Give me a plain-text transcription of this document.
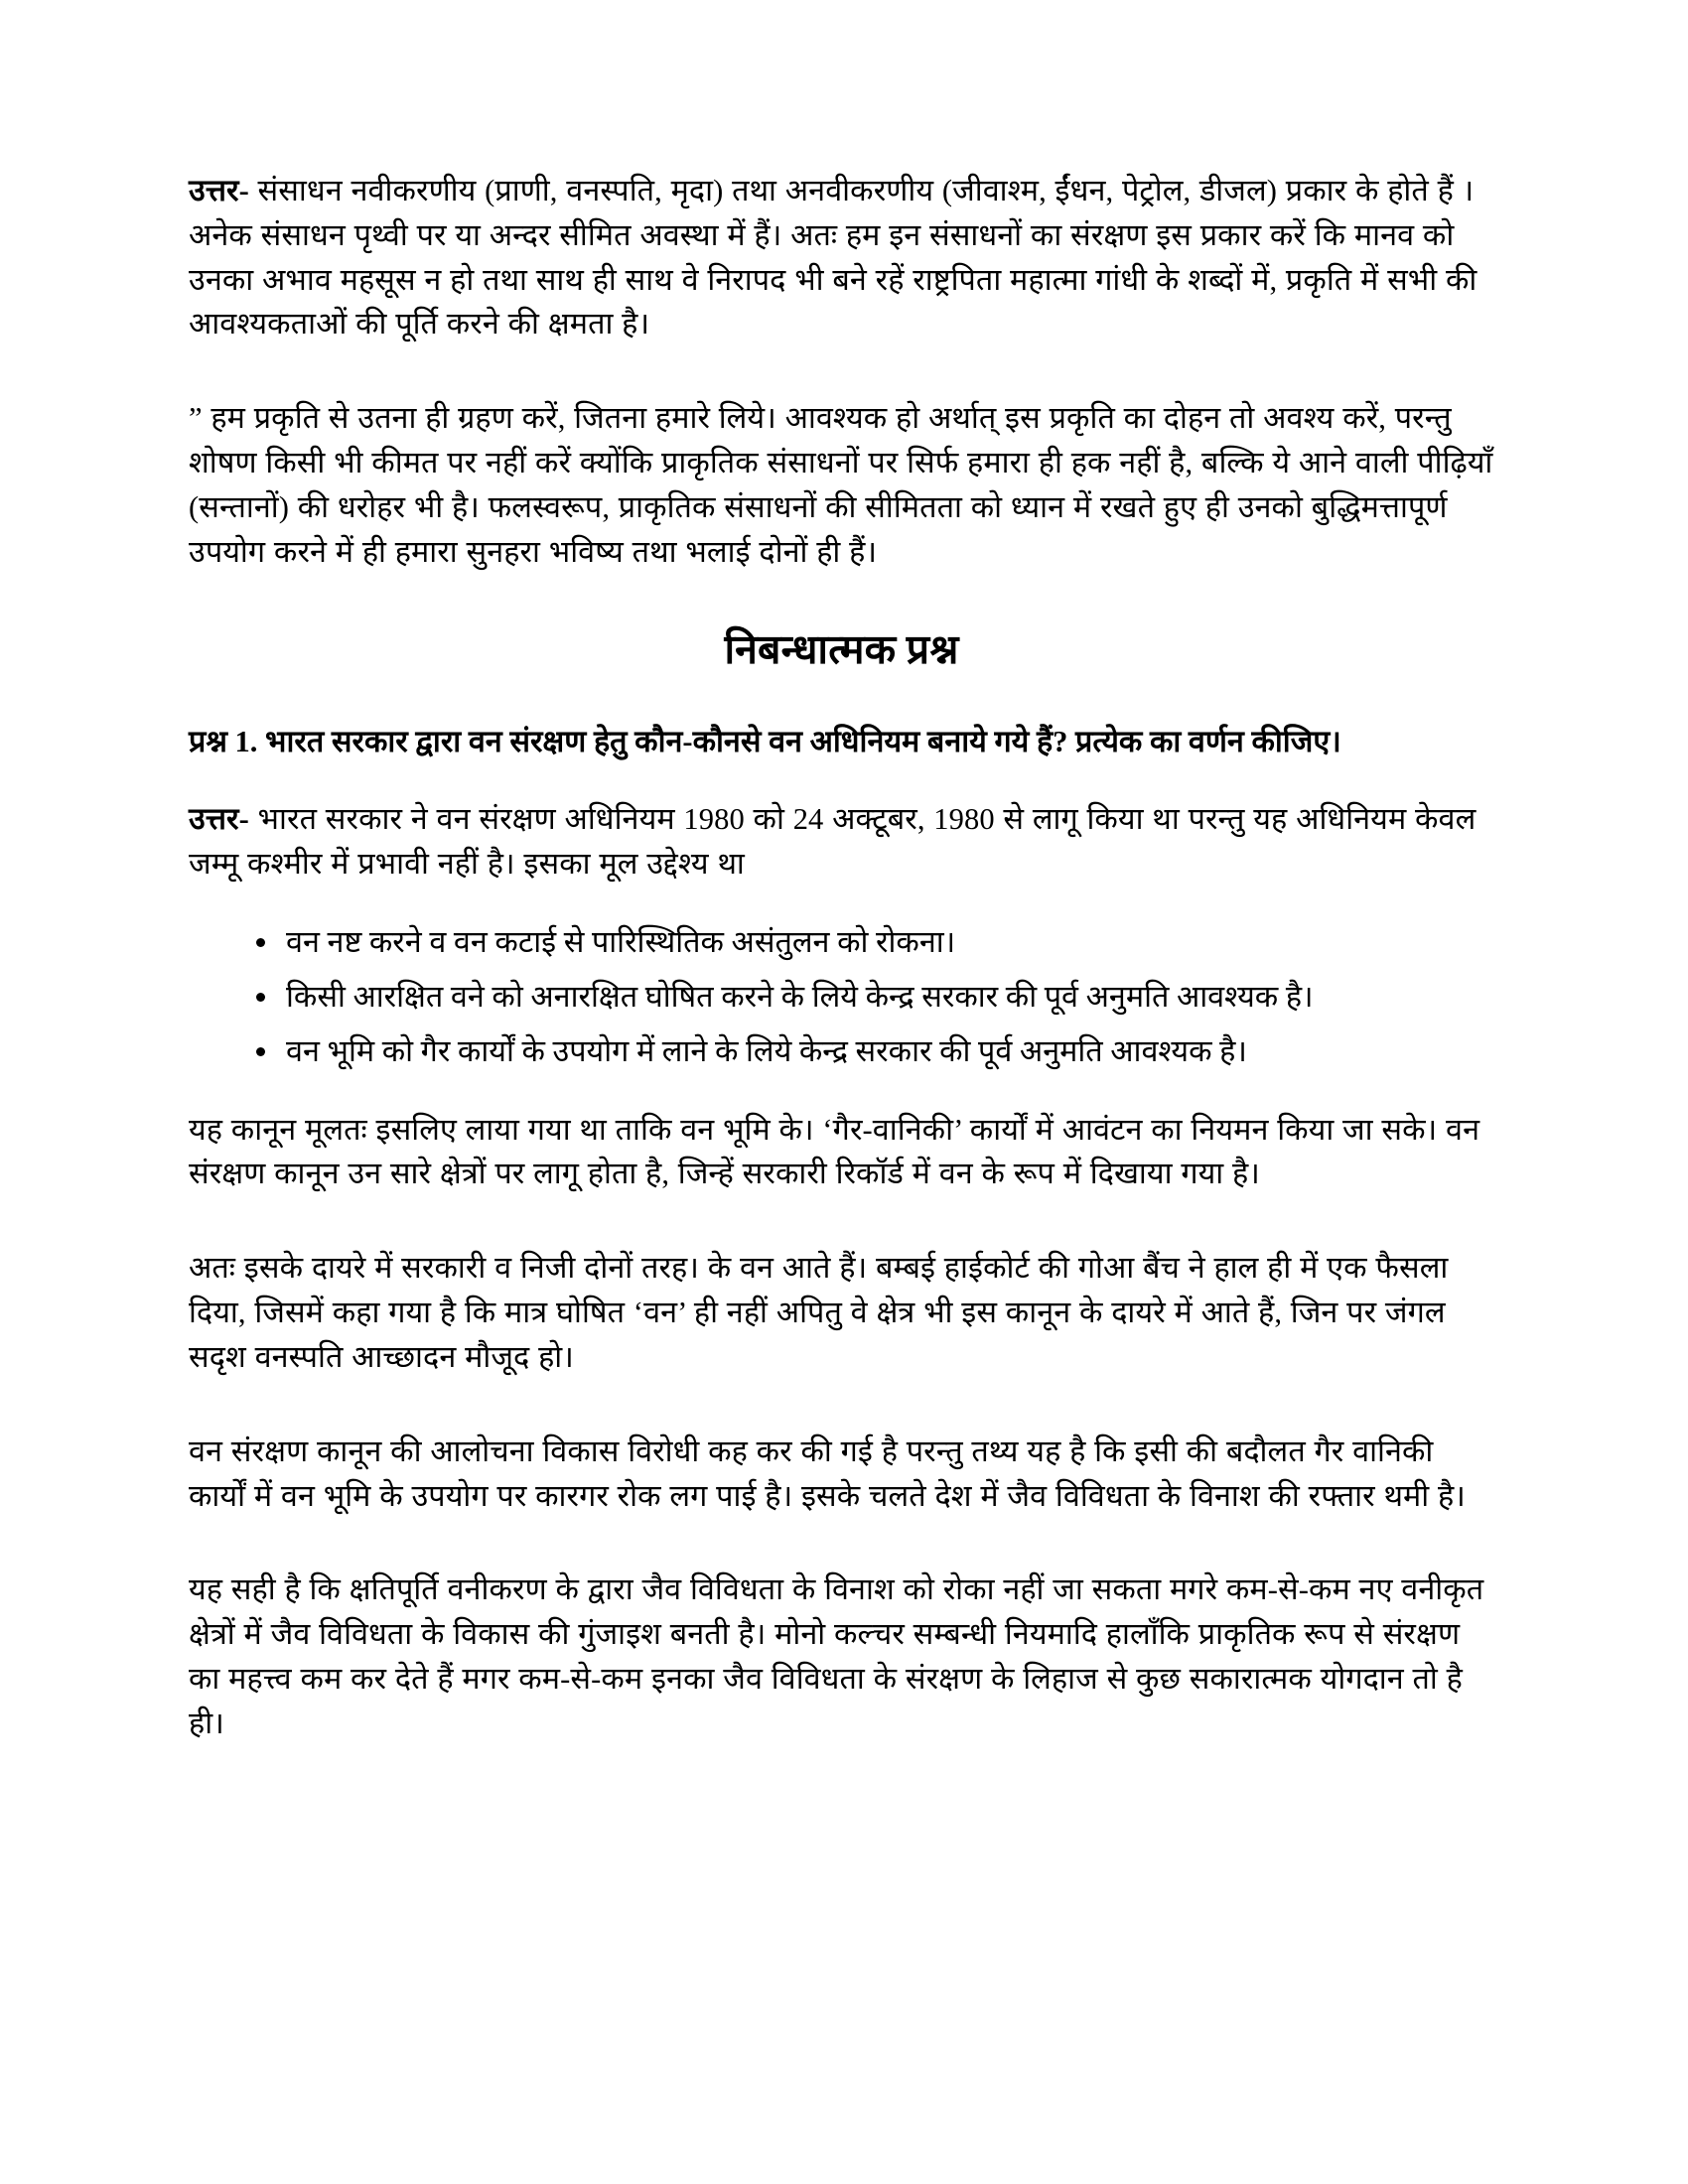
उत्तर- संसाधन नवीकरणीय (प्राणी, वनस्पति, मृदा) तथा अनवीकरणीय (जीवाश्म, ईंधन, पेट्रोल, डीजल) प्रकार के होते हैं । अनेक संसाधन पृथ्वी पर या अन्दर सीमित अवस्था में हैं। अतः हम इन संसाधनों का संरक्षण इस प्रकार करें कि मानव को उनका अभाव महसूस न हो तथा साथ ही साथ वे निरापद भी बने रहें राष्ट्रपिता महात्मा गांधी के शब्दों में, प्रकृति में सभी की आवश्यकताओं की पूर्ति करने की क्षमता है।

” हम प्रकृति से उतना ही ग्रहण करें, जितना हमारे लिये। आवश्यक हो अर्थात् इस प्रकृति का दोहन तो अवश्य करें, परन्तु शोषण किसी भी कीमत पर नहीं करें क्योंकि प्राकृतिक संसाधनों पर सिर्फ हमारा ही हक नहीं है, बल्कि ये आने वाली पीढ़ियाँ (सन्तानों) की धरोहर भी है। फलस्वरूप, प्राकृतिक संसाधनों की सीमितता को ध्यान में रखते हुए ही उनको बुद्धिमत्तापूर्ण उपयोग करने में ही हमारा सुनहरा भविष्य तथा भलाई दोनों ही हैं।

निबन्धात्मक प्रश्न

प्रश्न 1. भारत सरकार द्वारा वन संरक्षण हेतु कौन-कौनसे वन अधिनियम बनाये गये हैं? प्रत्येक का वर्णन कीजिए।

उत्तर- भारत सरकार ने वन संरक्षण अधिनियम 1980 को 24 अक्टूबर, 1980 से लागू किया था परन्तु यह अधिनियम केवल जम्मू कश्मीर में प्रभावी नहीं है। इसका मूल उद्देश्य था

वन नष्ट करने व वन कटाई से पारिस्थितिक असंतुलन को रोकना।
किसी आरक्षित वने को अनारक्षित घोषित करने के लिये केन्द्र सरकार की पूर्व अनुमति आवश्यक है।
वन भूमि को गैर कार्यों के उपयोग में लाने के लिये केन्द्र सरकार की पूर्व अनुमति आवश्यक है।

यह कानून मूलतः इसलिए लाया गया था ताकि वन भूमि के। ‘गैर-वानिकी’ कार्यों में आवंटन का नियमन किया जा सके। वन संरक्षण कानून उन सारे क्षेत्रों पर लागू होता है, जिन्हें सरकारी रिकॉर्ड में वन के रूप में दिखाया गया है।

अतः इसके दायरे में सरकारी व निजी दोनों तरह। के वन आते हैं। बम्बई हाईकोर्ट की गोआ बैंच ने हाल ही में एक फैसला दिया, जिसमें कहा गया है कि मात्र घोषित ‘वन’ ही नहीं अपितु वे क्षेत्र भी इस कानून के दायरे में आते हैं, जिन पर जंगल सदृश वनस्पति आच्छादन मौजूद हो।

वन संरक्षण कानून की आलोचना विकास विरोधी कह कर की गई है परन्तु तथ्य यह है कि इसी की बदौलत गैर वानिकी कार्यों में वन भूमि के उपयोग पर कारगर रोक लग पाई है। इसके चलते देश में जैव विविधता के विनाश की रफ्तार थमी है।

यह सही है कि क्षतिपूर्ति वनीकरण के द्वारा जैव विविधता के विनाश को रोका नहीं जा सकता मगरे कम-से-कम नए वनीकृत क्षेत्रों में जैव विविधता के विकास की गुंजाइश बनती है। मोनो कल्चर सम्बन्धी नियमादि हालाँकि प्राकृतिक रूप से संरक्षण का महत्त्व कम कर देते हैं मगर कम-से-कम इनका जैव विविधता के संरक्षण के लिहाज से कुछ सकारात्मक योगदान तो है ही।
